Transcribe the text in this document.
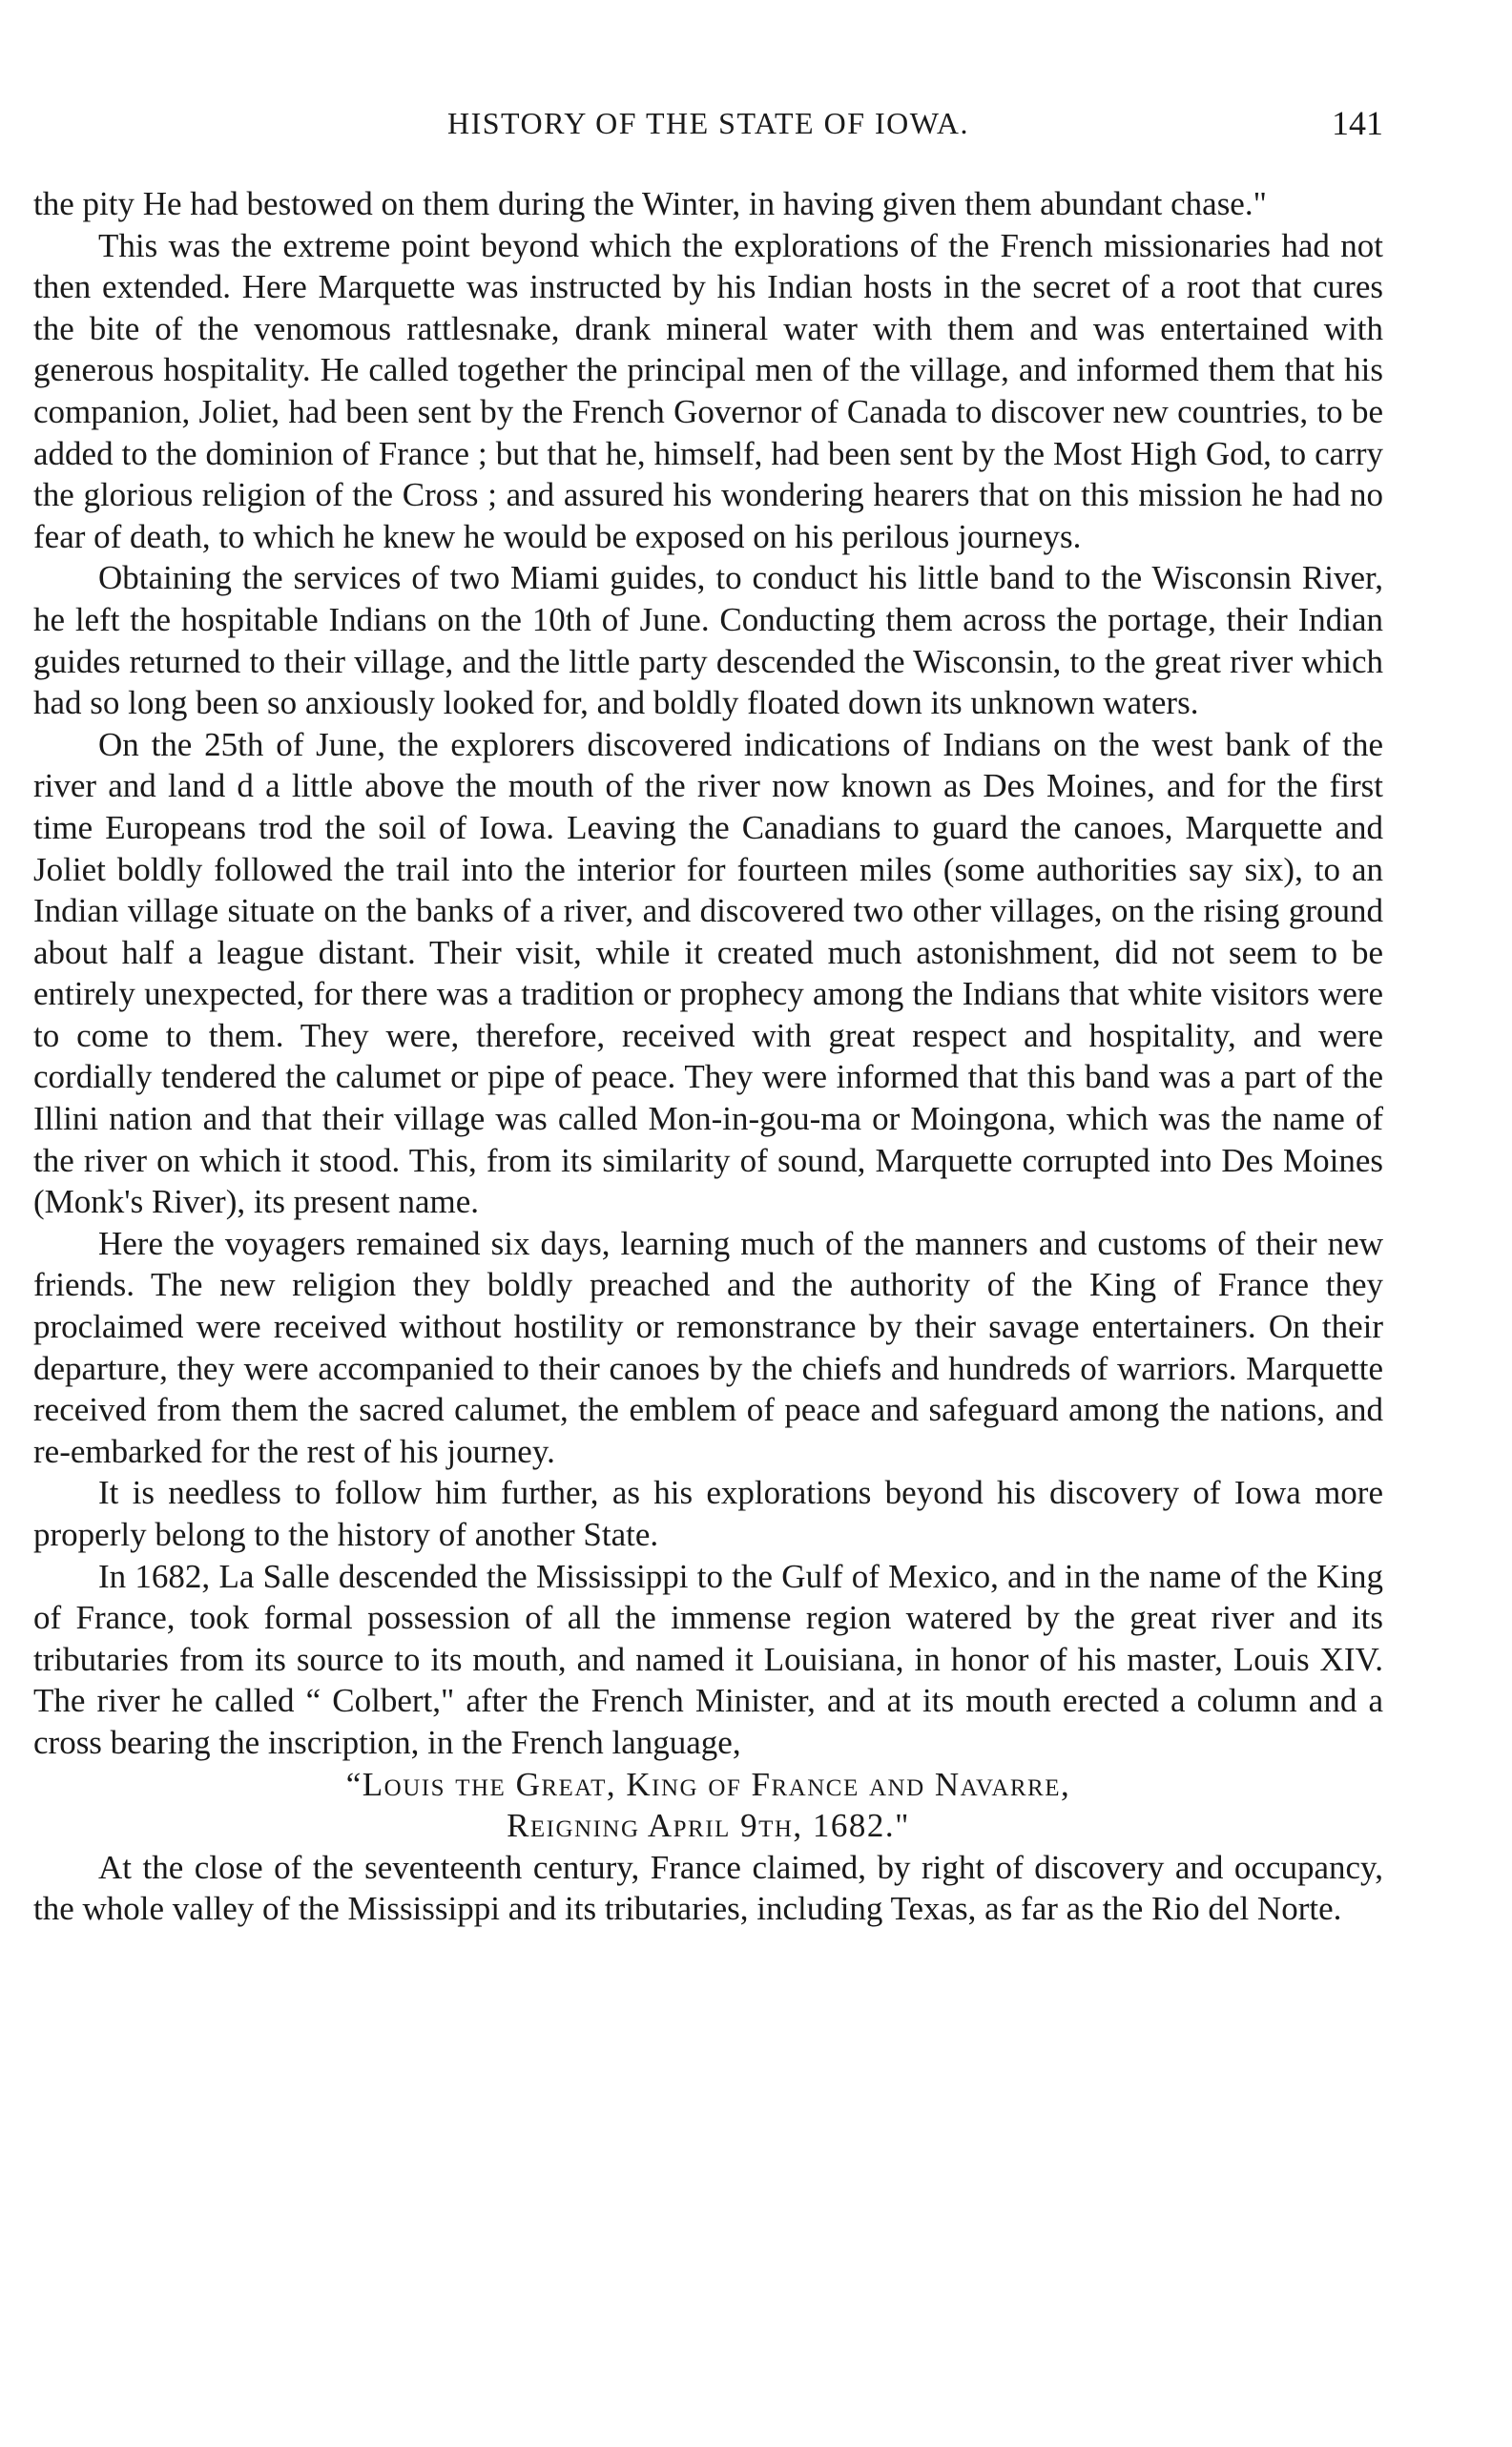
HISTORY OF THE STATE OF IOWA.	141

the pity He had bestowed on them during the Winter, in having given them abundant chase."

This was the extreme point beyond which the explorations of the French missionaries had not then extended. Here Marquette was instructed by his Indian hosts in the secret of a root that cures the bite of the venomous rattlesnake, drank mineral water with them and was entertained with generous hospitality. He called together the principal men of the village, and informed them that his companion, Joliet, had been sent by the French Governor of Canada to discover new countries, to be added to the dominion of France ; but that he, himself, had been sent by the Most High God, to carry the glorious religion of the Cross ; and assured his wondering hearers that on this mission he had no fear of death, to which he knew he would be exposed on his perilous journeys.

Obtaining the services of two Miami guides, to conduct his little band to the Wisconsin River, he left the hospitable Indians on the 10th of June. Conducting them across the portage, their Indian guides returned to their village, and the little party descended the Wisconsin, to the great river which had so long been so anxiously looked for, and boldly floated down its unknown waters.

On the 25th of June, the explorers discovered indications of Indians on the west bank of the river and land d a little above the mouth of the river now known as Des Moines, and for the first time Europeans trod the soil of Iowa. Leaving the Canadians to guard the canoes, Marquette and Joliet boldly followed the trail into the interior for fourteen miles (some authorities say six), to an Indian village situate on the banks of a river, and discovered two other villages, on the rising ground about half a league distant. Their visit, while it created much astonishment, did not seem to be entirely unexpected, for there was a tradition or prophecy among the Indians that white visitors were to come to them. They were, therefore, received with great respect and hospitality, and were cordially tendered the calumet or pipe of peace. They were informed that this band was a part of the Illini nation and that their village was called Mon-in-gou-ma or Moingona, which was the name of the river on which it stood. This, from its similarity of sound, Marquette corrupted into Des Moines (Monk's River), its present name.

Here the voyagers remained six days, learning much of the manners and customs of their new friends. The new religion they boldly preached and the authority of the King of France they proclaimed were received without hostility or remonstrance by their savage entertainers. On their departure, they were accompanied to their canoes by the chiefs and hundreds of warriors. Marquette received from them the sacred calumet, the emblem of peace and safeguard among the nations, and re-embarked for the rest of his journey.

It is needless to follow him further, as his explorations beyond his discovery of Iowa more properly belong to the history of another State.

In 1682, La Salle descended the Mississippi to the Gulf of Mexico, and in the name of the King of France, took formal possession of all the immense region watered by the great river and its tributaries from its source to its mouth, and named it Louisiana, in honor of his master, Louis XIV. The river he called “ Colbert," after the French Minister, and at its mouth erected a column and a cross bearing the inscription, in the French language,

“Louis the Great, King of France and Navarre,
Reigning April 9th, 1682."

At the close of the seventeenth century, France claimed, by right of discovery and occupancy, the whole valley of the Mississippi and its tributaries, including Texas, as far as the Rio del Norte.
